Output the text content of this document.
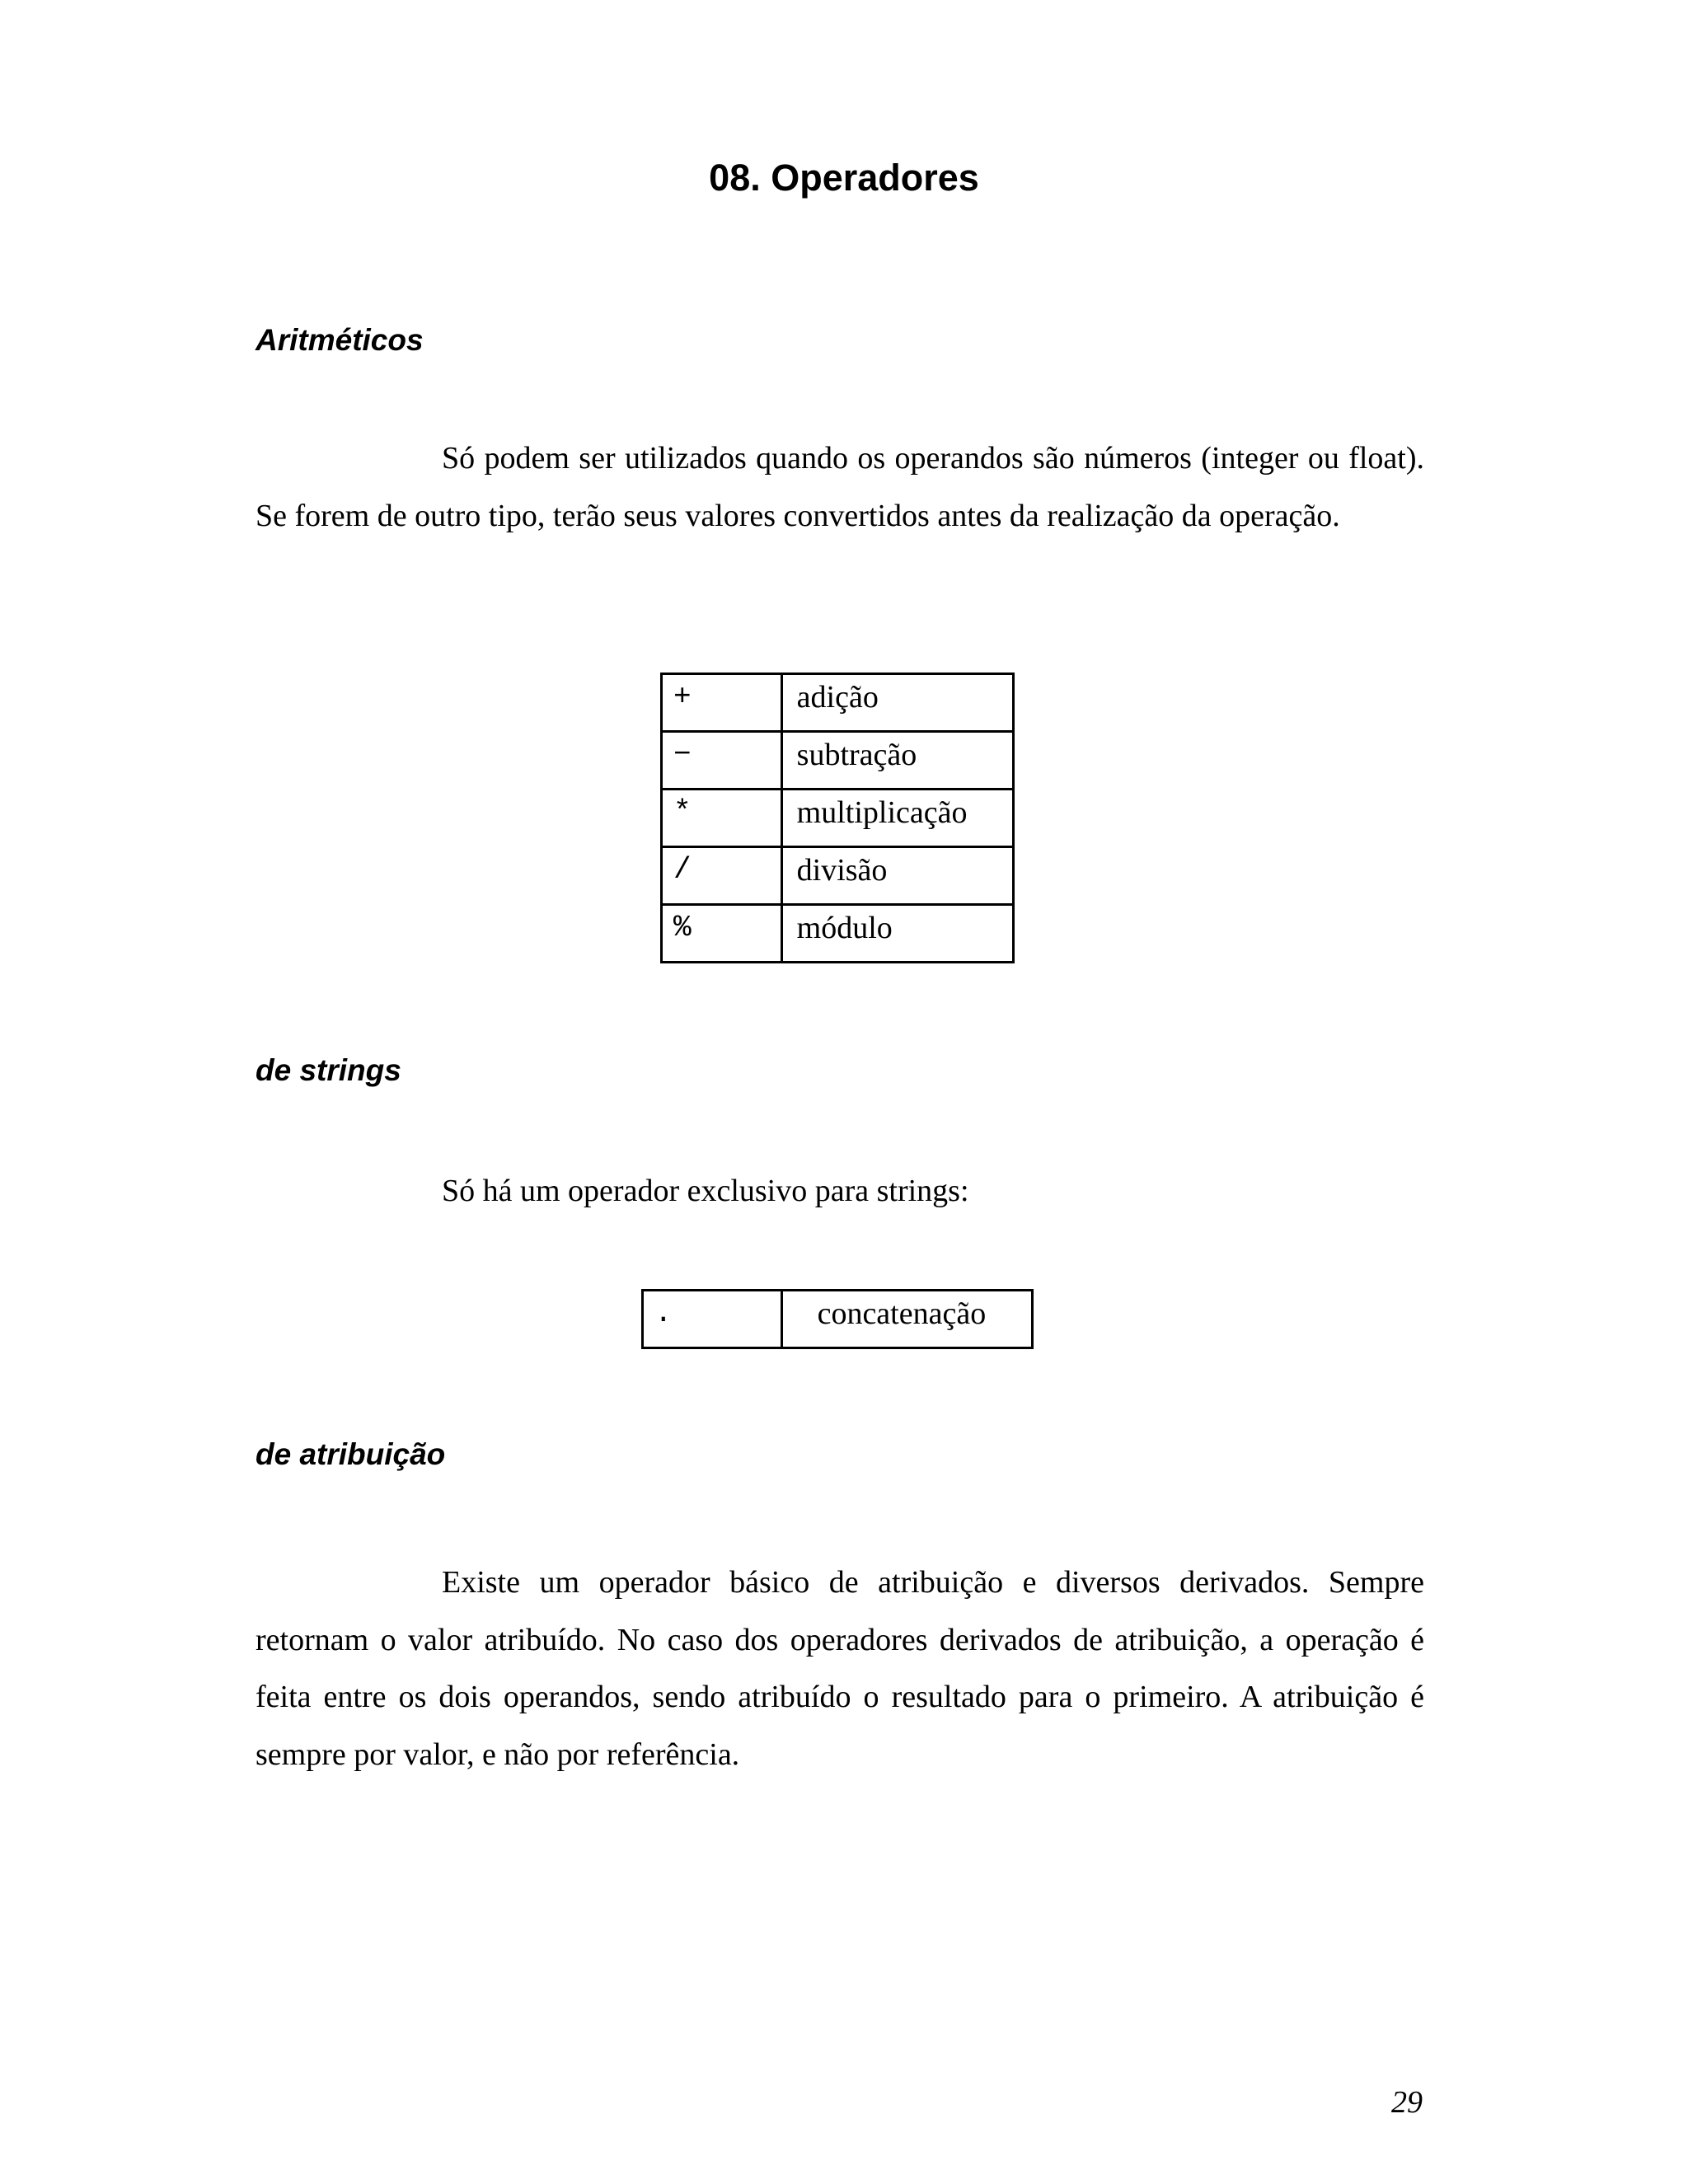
08. Operadores
Aritméticos

Só podem ser utilizados quando os operandos são números (integer ou float). Se forem de outro tipo, terão seus valores convertidos antes da realização da operação.

+	adição
−	subtração
*	multiplicação
/	divisão
%	módulo
de strings

Só há um operador exclusivo para strings:

.	concatenação
de atribuição

Existe um operador básico de atribuição e diversos derivados. Sempre retornam o valor atribuído. No caso dos operadores derivados de atribuição, a operação é feita entre os dois operandos, sendo atribuído o resultado para o primeiro. A atribuição é sempre por valor, e não por referência.

29
